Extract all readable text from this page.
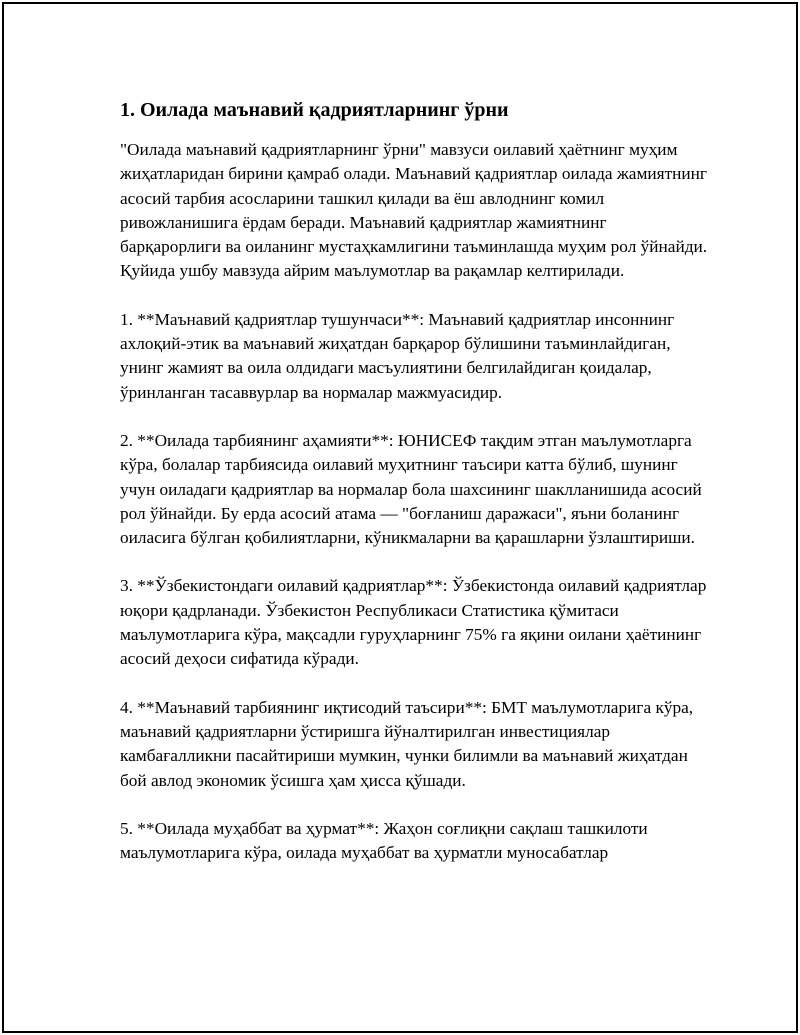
1. Оилада маънавий қадриятларнинг ўрни

"Оилада маънавий қадриятларнинг ўрни" мавзуси оилавий ҳаётнинг муҳим жиҳатларидан бирини қамраб олади. Маънавий қадриятлар оилада жамиятнинг асосий тарбия асосларини ташкил қилади ва ёш авлоднинг комил ривожланишига ёрдам беради. Маънавий қадриятлар жамиятнинг барқарорлиги ва оиланинг мустаҳкамлигини таъминлашда муҳим рол ўйнайди. Қуйида ушбу мавзуда айрим маълумотлар ва рақамлар келтирилади.

1. **Маънавий қадриятлар тушунчаси**: Маънавий қадриятлар инсоннинг ахлоқий-этик ва маънавий жиҳатдан барқарор бўлишини таъминлайдиган, унинг жамият ва оила олдидаги масъулиятини белгилайдиган қоидалар, ўринланган тасаввурлар ва нормалар мажмуасидир.

2. **Оилада тарбиянинг аҳамияти**: ЮНИСЕФ тақдим этган маълумотларга кўра, болалар тарбиясида оилавий муҳитнинг таъсири катта бўлиб, шунинг учун оиладаги қадриятлар ва нормалар бола шахсининг шаклланишида асосий рол ўйнайди. Бу ерда асосий атама — "боғланиш даражаси", яъни боланинг оиласига бўлган қобилиятларни, кўникмаларни ва қарашларни ўзлаштириши.

3. **Ўзбекистондаги оилавий қадриятлар**: Ўзбекистонда оилавий қадриятлар юқори қадрланади. Ўзбекистон Республикаси Статистика қўмитаси маълумотларига кўра, мақсадли гуруҳларнинг 75% га яқини оилани ҳаётининг асосий деҳоси сифатида кўради.

4. **Маънавий тарбиянинг иқтисодий таъсири**: БМТ маълумотларига кўра, маънавий қадриятларни ўстиришга йўналтирилган инвестициялар камбағалликни пасайтириши мумкин, чунки билимли ва маънавий жиҳатдан бой авлод экономик ўсишга ҳам ҳисса қўшади.

5. **Оилада муҳаббат ва ҳурмат**: Жаҳон соғлиқни сақлаш ташкилоти маълумотларига кўра, оилада муҳаббат ва ҳурматли муносабатлар
